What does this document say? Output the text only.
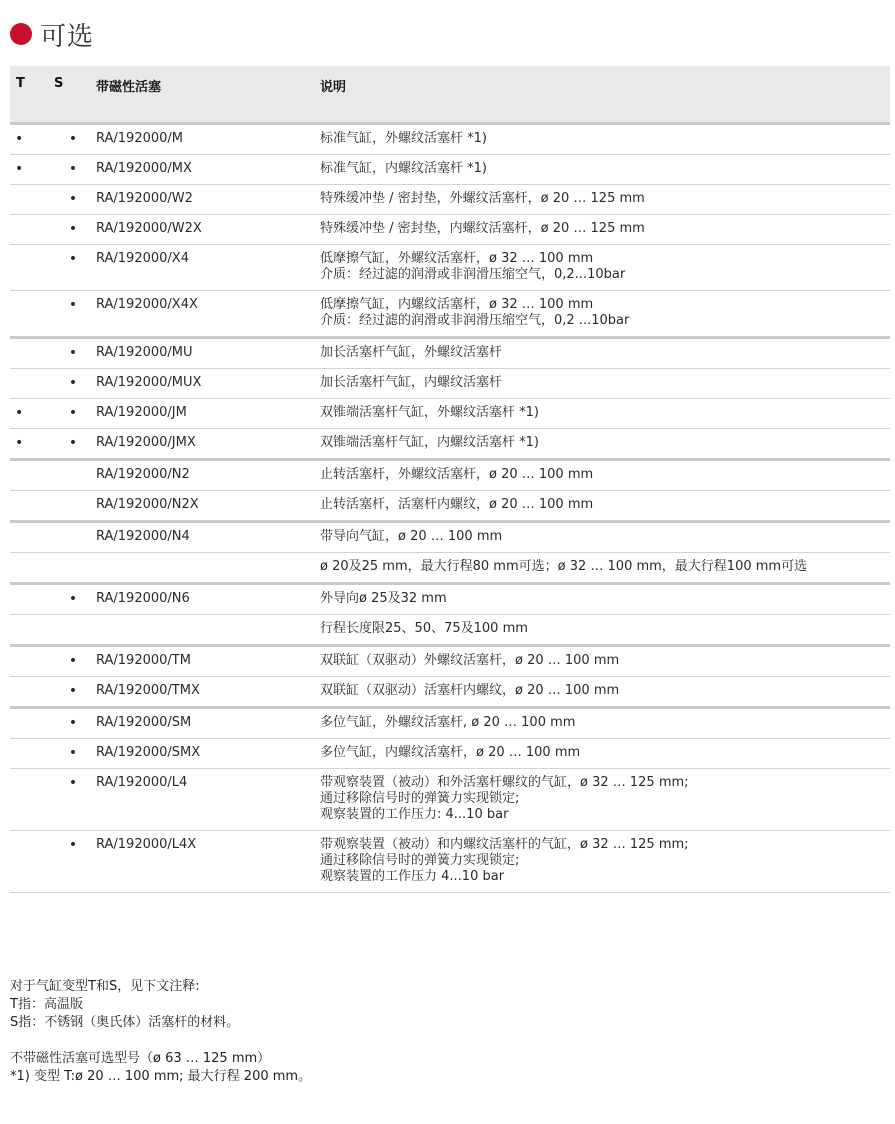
可选
T	S	带磁性活塞	说明
•	•	RA/192000/M	标准气缸，外螺纹活塞杆 *1)
•	•	RA/192000/MX	标准气缸，内螺纹活塞杆 *1)
	•	RA/192000/W2	特殊缓冲垫 / 密封垫，外螺纹活塞杆，ø 20 … 125 mm
	•	RA/192000/W2X	特殊缓冲垫 / 密封垫，内螺纹活塞杆，ø 20 … 125 mm
	•	RA/192000/X4	低摩擦气缸，外螺纹活塞杆，ø 32 … 100 mm
介质：经过滤的润滑或非润滑压缩空气，0,2...10bar
	•	RA/192000/X4X	低摩擦气缸，内螺纹活塞杆，ø 32 … 100 mm
介质：经过滤的润滑或非润滑压缩空气，0,2 ...10bar
	•	RA/192000/MU	加长活塞杆气缸，外螺纹活塞杆
	•	RA/192000/MUX	加长活塞杆气缸，内螺纹活塞杆
•	•	RA/192000/JM	双锥端活塞杆气缸，外螺纹活塞杆 *1)
•	•	RA/192000/JMX	双锥端活塞杆气缸，内螺纹活塞杆 *1)
		RA/192000/N2	止转活塞杆，外螺纹活塞杆，ø 20 … 100 mm
		RA/192000/N2X	止转活塞杆，活塞杆内螺纹，ø 20 … 100 mm
		RA/192000/N4	带导向气缸，ø 20 … 100 mm
			ø 20及25 mm，最大行程80 mm可选；ø 32 … 100 mm，最大行程100 mm可选
	•	RA/192000/N6	外导向ø 25及32 mm
			行程长度限25、50、75及100 mm
	•	RA/192000/TM	双联缸（双驱动）外螺纹活塞杆，ø 20 … 100 mm
	•	RA/192000/TMX	双联缸（双驱动）活塞杆内螺纹，ø 20 … 100 mm
	•	RA/192000/SM	多位气缸，外螺纹活塞杆, ø 20 … 100 mm
	•	RA/192000/SMX	多位气缸，内螺纹活塞杆，ø 20 … 100 mm
	•	RA/192000/L4	带观察装置（被动）和外活塞杆螺纹的气缸，ø 32 … 125 mm;
通过移除信号时的弹簧力实现锁定;
观察装置的工作压力: 4...10 bar
	•	RA/192000/L4X	带观察装置（被动）和内螺纹活塞杆的气缸，ø 32 … 125 mm;
通过移除信号时的弹簧力实现锁定;
观察装置的工作压力 4...10 bar
对于气缸变型T和S，见下文注释:
T指：高温版
S指：不锈钢（奥氏体）活塞杆的材料。
不带磁性活塞可选型号（ø 63 … 125 mm）
*1) 变型 T:ø 20 … 100 mm; 最大行程 200 mm。
